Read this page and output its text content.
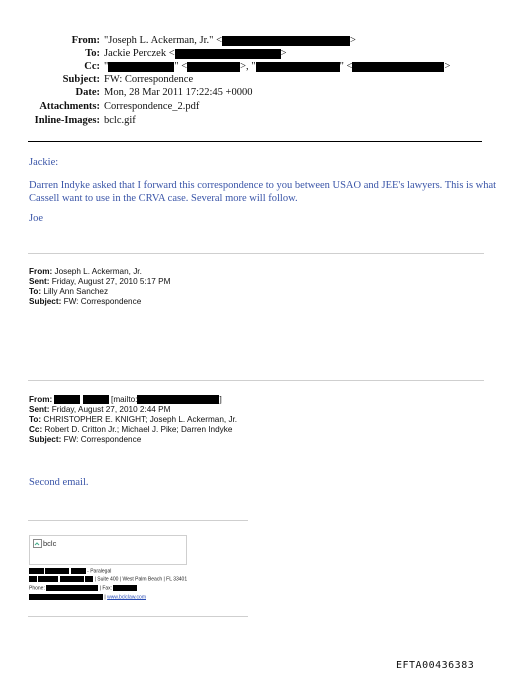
From: "Joseph L. Ackerman, Jr." <	>
To: Jackie Perczek <	>
Cc: "	" <	>, "	" <	>
Subject: FW: Correspondence
Date: Mon, 28 Mar 2011 17:22:45 +0000
Attachments: Correspondence_2.pdf
Inline-Images: bclc.gif
Jackie:
Darren Indyke asked that I forward this correspondence to you between USAO and JEE's lawyers. This is what
Cassell want to use in the CRVA case. Several more will follow.
Joe
From: Joseph L. Ackerman, Jr.
Sent: Friday, August 27, 2010 5:17 PM
To: Lilly Ann Sanchez
Subject: FW: Correspondence
From:	[mailto:	]
Sent: Friday, August 27, 2010 2:44 PM
To: CHRISTOPHER E. KNIGHT; Joseph L. Ackerman, Jr.
Cc: Robert D. Critton Jr.; Michael J. Pike; Darren Indyke
Subject: FW: Correspondence
Second email.
bclc
- Paralegal
| Suite 400 | West Palm Beach | FL 33401
Phone:	| Fax:
| www.bclclaw.com
EFTA00436383
